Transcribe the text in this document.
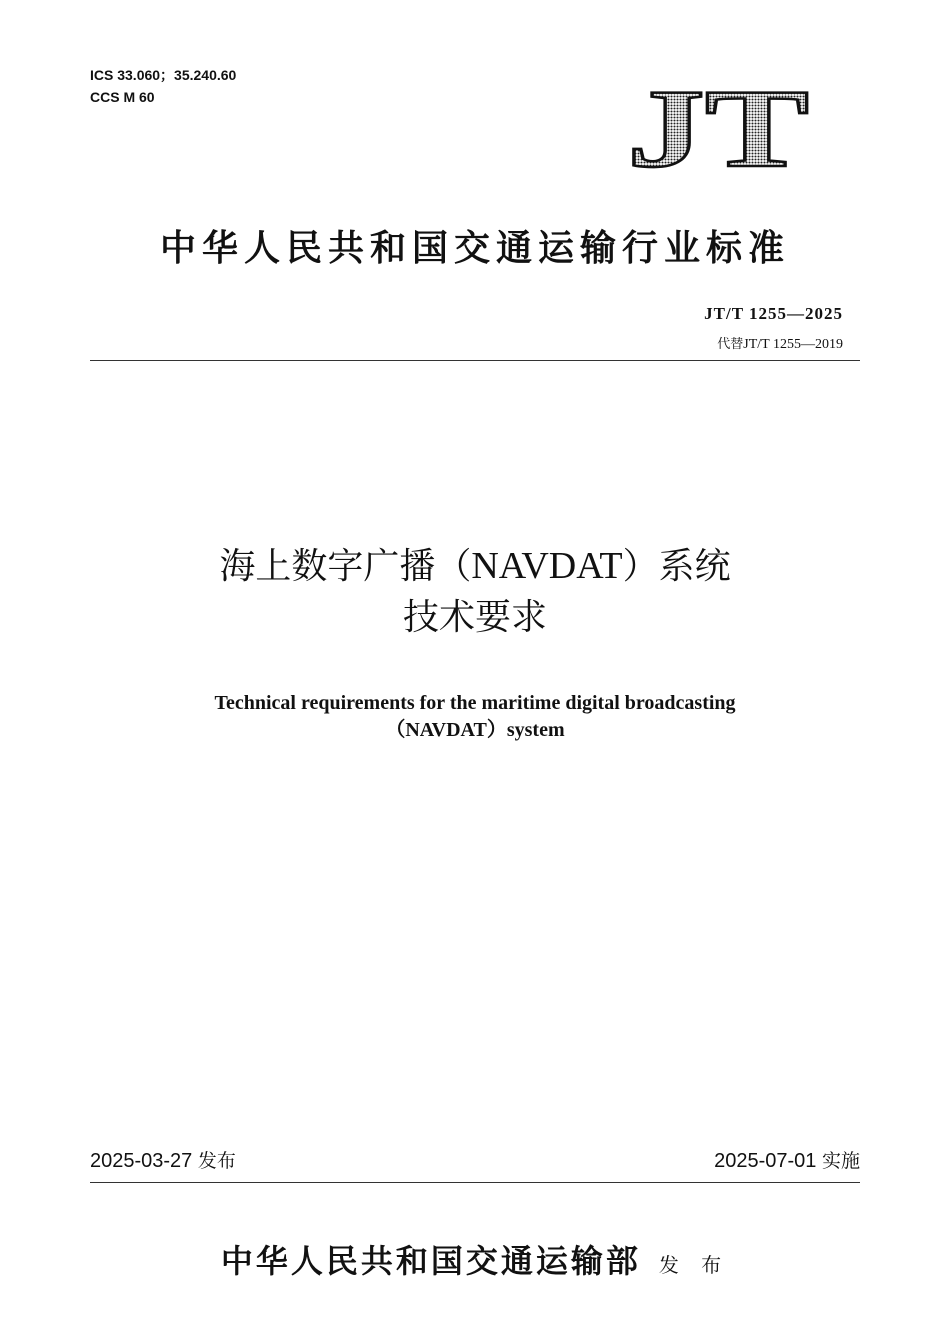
ICS 33.060；35.240.60
CCS M 60	JT
中华人民共和国交通运输行业标准
JT/T 1255—2025
代替JT/T 1255—2019
海上数字广播（NAVDAT）系统
技术要求
Technical requirements for the maritime digital broadcasting
（NAVDAT）system
2025-03-27 发布	2025-07-01 实施
中华人民共和国交通运输部 发 布
